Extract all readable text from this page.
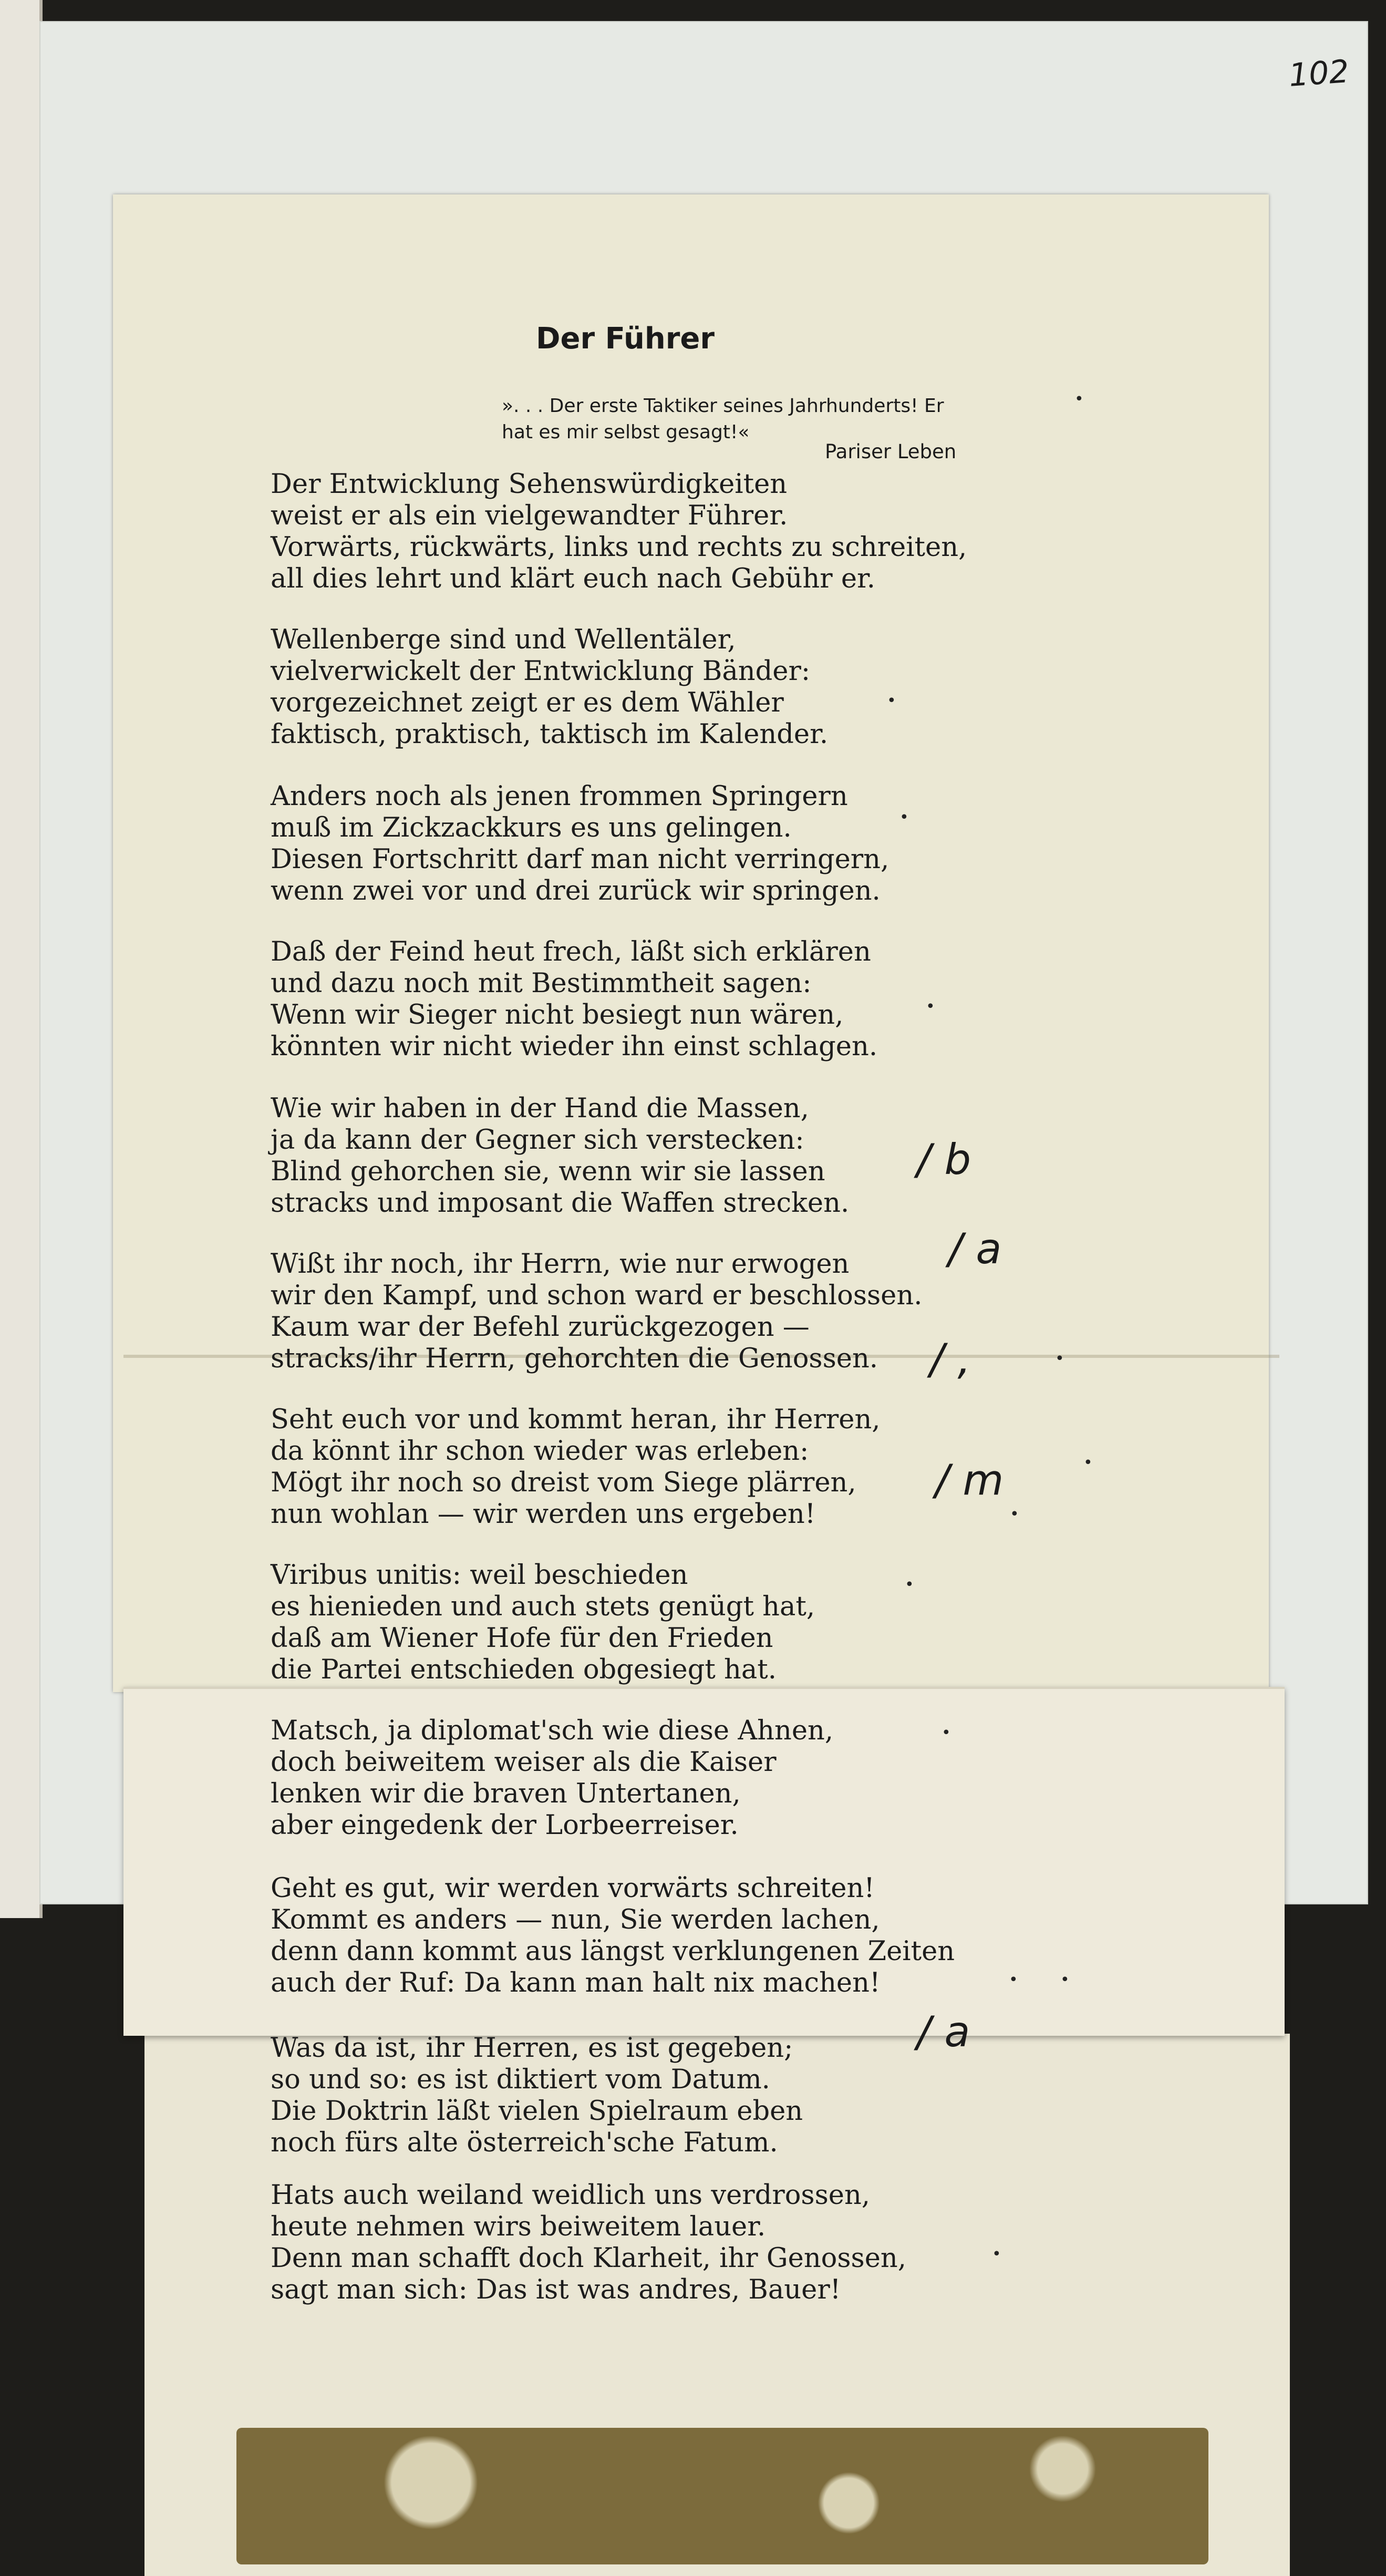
102
Der Führer
». . . Der erste Taktiker seines Jahrhunderts! Er
hat es mir selbst gesagt!«
Pariser Leben
Der Entwicklung Sehenswürdigkeiten
weist er als ein vielgewandter Führer.
Vorwärts, rückwärts, links und rechts zu schreiten,
all dies lehrt und klärt euch nach Gebühr er.
Wellenberge sind und Wellentäler,
vielverwickelt der Entwicklung Bänder:
vorgezeichnet zeigt er es dem Wähler
faktisch, praktisch, taktisch im Kalender.
Anders noch als jenen frommen Springern
muß im Zickzackkurs es uns gelingen.
Diesen Fortschritt darf man nicht verringern,
wenn zwei vor und drei zurück wir springen.
Daß der Feind heut frech, läßt sich erklären
und dazu noch mit Bestimmtheit sagen:
Wenn wir Sieger nicht besiegt nun wären,
könnten wir nicht wieder ihn einst schlagen.
Wie wir haben in der Hand die Massen,
ja da kann der Gegner sich verstecken:
Blind gehorchen sie, wenn wir sie lassen
stracks und imposant die Waffen strecken.
Wißt ihr noch, ihr Herrn, wie nur erwogen
wir den Kampf, und schon ward er beschlossen.
Kaum war der Befehl zurückgezogen —
stracks/ihr Herrn, gehorchten die Genossen.
Seht euch vor und kommt heran, ihr Herren,
da könnt ihr schon wieder was erleben:
Mögt ihr noch so dreist vom Siege plärren,
nun wohlan — wir werden uns ergeben!
Viribus unitis: weil beschieden
es hienieden und auch stets genügt hat,
daß am Wiener Hofe für den Frieden
die Partei entschieden obgesiegt hat.
Matsch, ja diplomat'sch wie diese Ahnen,
doch beiweitem weiser als die Kaiser
lenken wir die braven Untertanen,
aber eingedenk der Lorbeerreiser.
Geht es gut, wir werden vorwärts schreiten!
Kommt es anders — nun, Sie werden lachen,
denn dann kommt aus längst verklungenen Zeiten
auch der Ruf: Da kann man halt nix machen!
Was da ist, ihr Herren, es ist gegeben;
so und so: es ist diktiert vom Datum.
Die Doktrin läßt vielen Spielraum eben
noch fürs alte österreich'sche Fatum.
Hats auch weiland weidlich uns verdrossen,
heute nehmen wirs beiweitem lauer.
Denn man schafft doch Klarheit, ihr Genossen,
sagt man sich: Das ist was andres, Bauer!
/ b
/ a
/ ,
/ m
/ a
•
•
•
•
•
•
•
•
•
•	•
•
